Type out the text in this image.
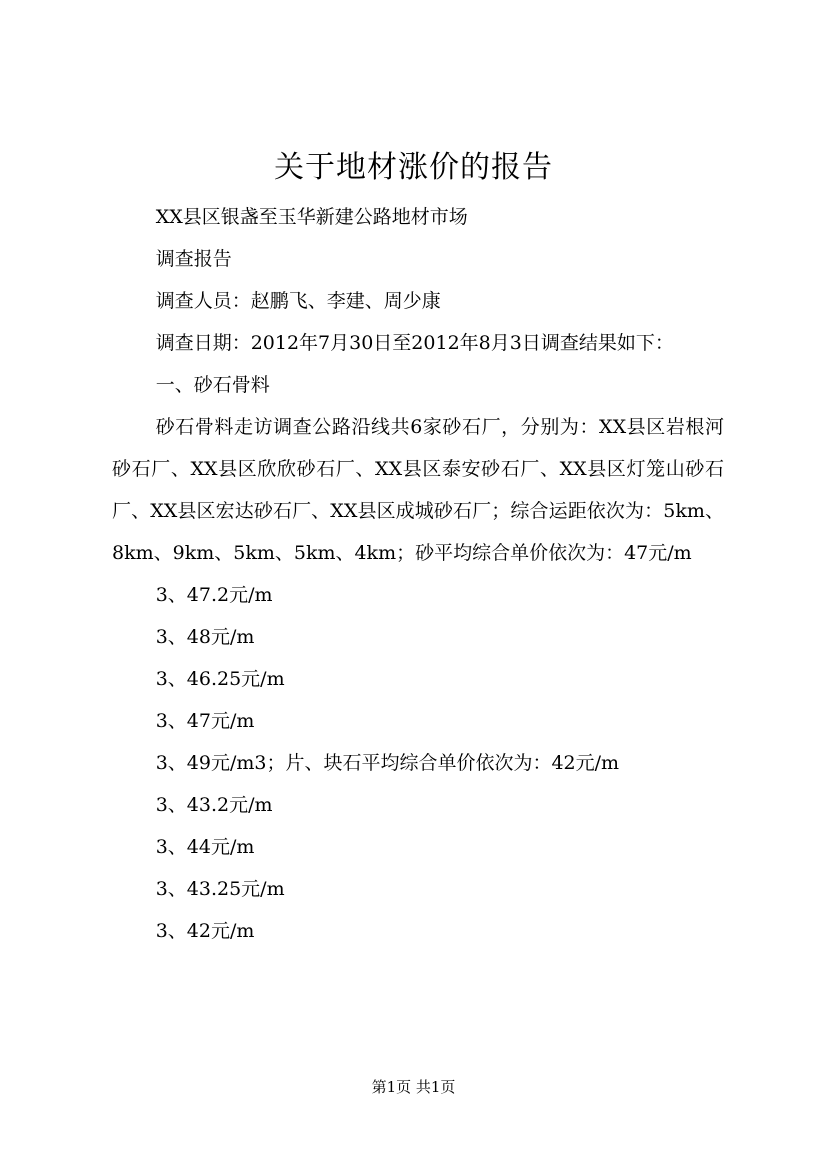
关于地材涨价的报告

XX县区银盏至玉华新建公路地材市场

调查报告

调查人员：赵鹏飞、李建、周少康

调查日期：2012年7月30日至2012年8月3日调查结果如下：

一、砂石骨料

砂石骨料走访调查公路沿线共6家砂石厂，分别为：XX县区岩根河砂石厂、XX县区欣欣砂石厂、XX县区泰安砂石厂、XX县区灯笼山砂石厂、XX县区宏达砂石厂、XX县区成城砂石厂；综合运距依次为：5km、8km、9km、5km、5km、4km；砂平均综合单价依次为：47元/m

3、47.2元/m

3、48元/m

3、46.25元/m

3、47元/m

3、49元/m3；片、块石平均综合单价依次为：42元/m

3、43.2元/m

3、44元/m

3、43.25元/m

3、42元/m

第1页 共1页
